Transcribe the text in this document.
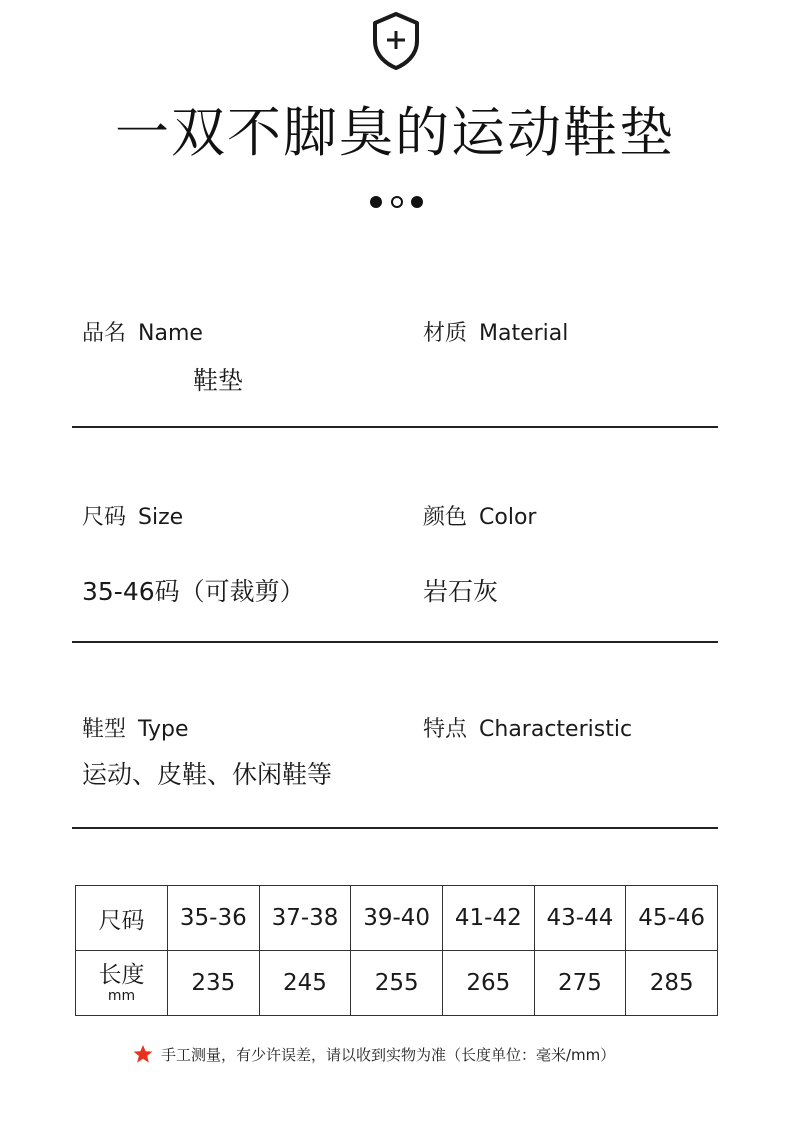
一双不脚臭的运动鞋垫
品名 Name
鞋垫
材质 Material
尺码 Size
35-46码（可裁剪）
颜色 Color
岩石灰
鞋型 Type
运动、皮鞋、休闲鞋等
特点 Characteristic
尺码	35-36	37-38	39-40	41-42	43-44	45-46

长度
mm	235	245	255	265	275	285
手工测量，有少许误差，请以收到实物为准（长度单位：毫米/mm）
